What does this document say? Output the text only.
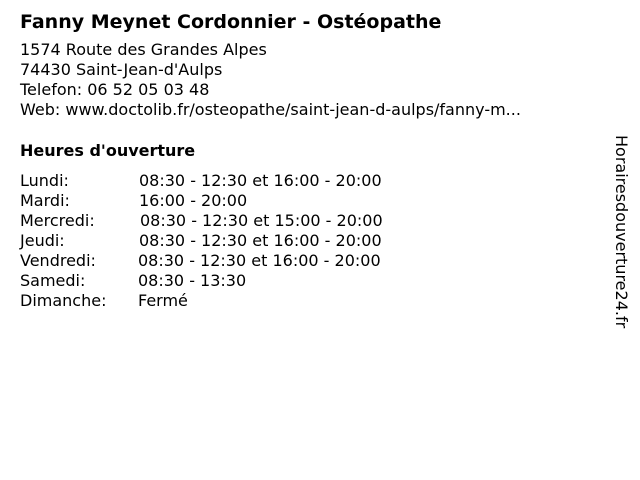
Fanny Meynet Cordonnier - Ostéopathe
1574 Route des Grandes Alpes
74430 Saint-Jean-d'Aulps
Telefon: 06 52 05 03 48
Web: www.doctolib.fr/osteopathe/saint-jean-d-aulps/fanny-m...
Heures d'ouverture
Lundi:	08:30 - 12:30 et 16:00 - 20:00
Mardi:	16:00 - 20:00
Mercredi:	08:30 - 12:30 et 15:00 - 20:00
Jeudi:	08:30 - 12:30 et 16:00 - 20:00
Vendredi:	08:30 - 12:30 et 16:00 - 20:00
Samedi:	08:30 - 13:30
Dimanche: Fermé	Horairesdouverture24.fr
